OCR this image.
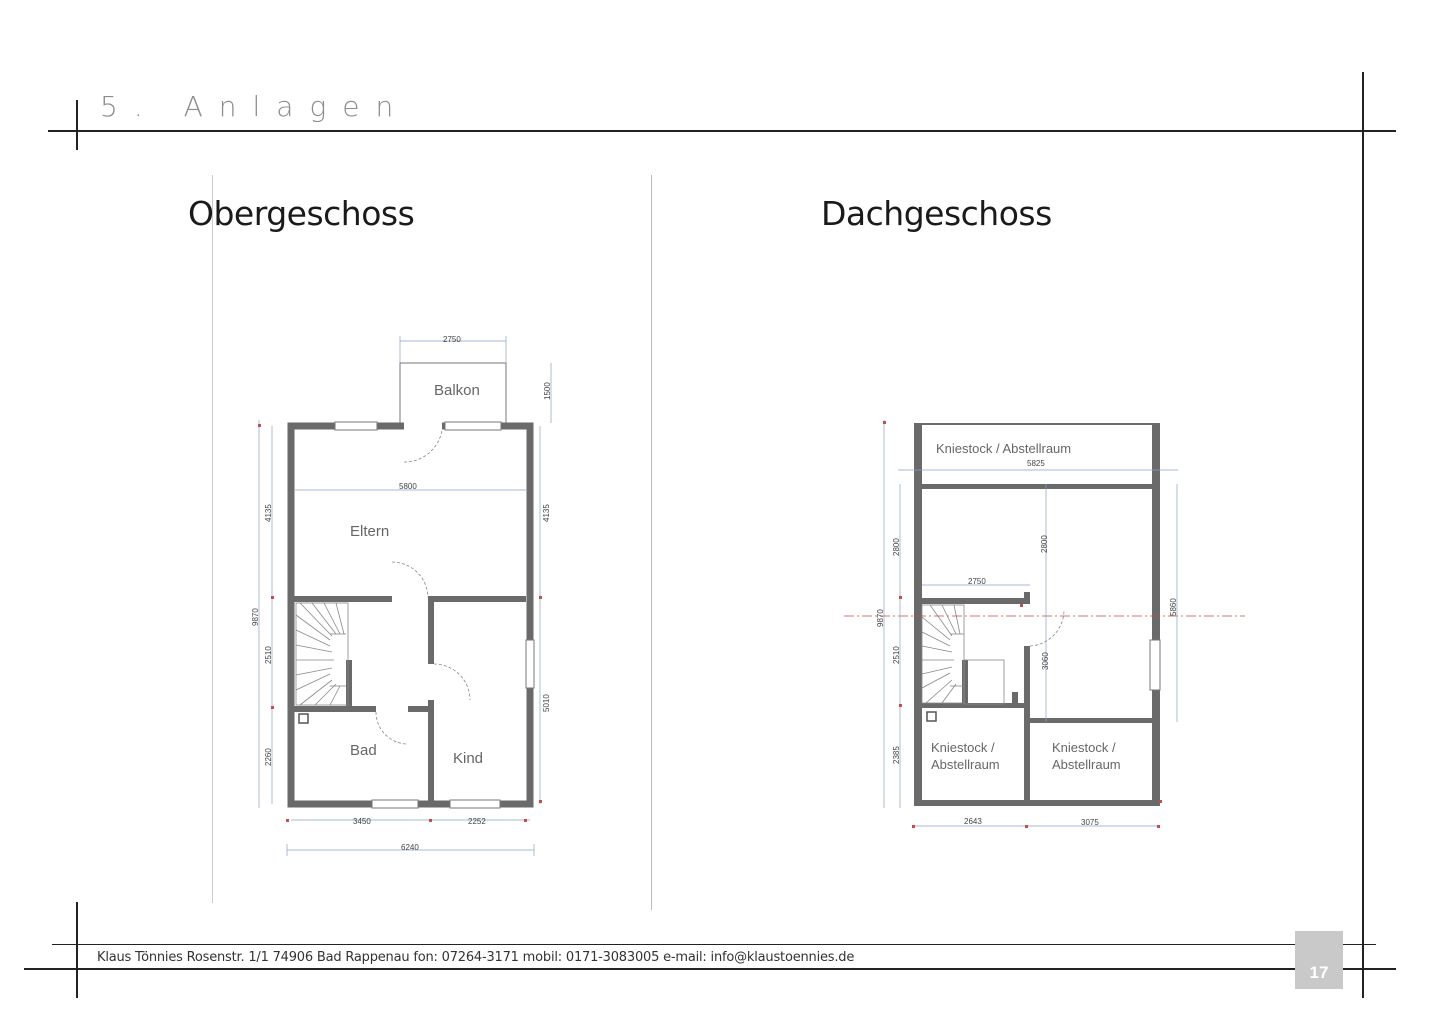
5. Anlagen
Obergeschoss	Dachgeschoss
Balkon
Eltern
Bad	Kind
2750
1500
5800
9870
4135
2510
2260
4135
5010
3450	2252
6240
Kniestock / Abstellraum
Kniestock /
Abstellraum
Kniestock /
Abstellraum
5825
9870
2800
2510
2385
2750
2800
3060
5860
2643	3075
Klaus Tönnies Rosenstr. 1/1 74906 Bad Rappenau fon: 07264-3171 mobil: 0171-3083005 e-mail: info@klaustoennies.de
17
